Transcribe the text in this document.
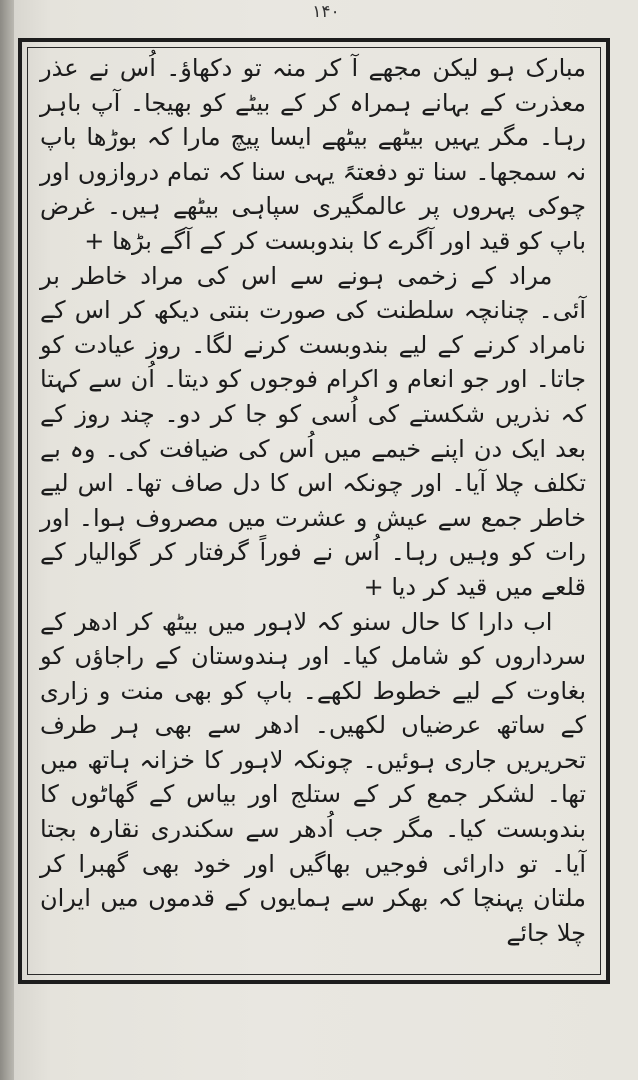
۱۴۰

مبارک ہو لیکن مجھے آ کر منہ تو دکھاؤ۔ اُس نے عذر معذرت کے بہانے ہمراہ کر کے بیٹے کو بھیجا۔ آپ باہر رہا۔ مگر یہیں بیٹھے بیٹھے ایسا پیچ مارا کہ بوڑھا باپ نہ سمجھا۔ سنا تو دفعتہً یہی سنا کہ تمام دروازوں اور چوکی پہروں پر عالمگیری سپاہی بیٹھے ہیں۔ غرض باپ کو قید اور آگرے کا بندوبست کر کے آگے بڑھا +

مراد کے زخمی ہونے سے اس کی مراد خاطر بر آئی۔ چنانچہ سلطنت کی صورت بنتی دیکھ کر اس کے نامراد کرنے کے لیے بندوبست کرنے لگا۔ روز عیادت کو جاتا۔ اور جو انعام و اکرام فوجوں کو دیتا۔ اُن سے کہتا کہ نذریں شکستے کی اُسی کو جا کر دو۔ چند روز کے بعد ایک دن اپنے خیمے میں اُس کی ضیافت کی۔ وہ بے تکلف چلا آیا۔ اور چونکہ اس کا دل صاف تھا۔ اس لیے خاطر جمع سے عیش و عشرت میں مصروف ہوا۔ اور رات کو وہیں رہا۔ اُس نے فوراً گرفتار کر گوالیار کے قلعے میں قید کر دیا +

اب دارا کا حال سنو کہ لاہور میں بیٹھ کر ادھر کے سرداروں کو شامل کیا۔ اور ہندوستان کے راجاؤں کو بغاوت کے لیے خطوط لکھے۔ باپ کو بھی منت و زاری کے ساتھ عرضیاں لکھیں۔ ادھر سے بھی ہر طرف تحریریں جاری ہوئیں۔ چونکہ لاہور کا خزانہ ہاتھ میں تھا۔ لشکر جمع کر کے ستلج اور بیاس کے گھاٹوں کا بندوبست کیا۔ مگر جب اُدھر سے سکندری نقارہ بجتا آیا۔ تو دارائی فوجیں بھاگیں اور خود بھی گھبرا کر ملتان پہنچا کہ بھکر سے ہمایوں کے قدموں میں ایران چلا جائے
